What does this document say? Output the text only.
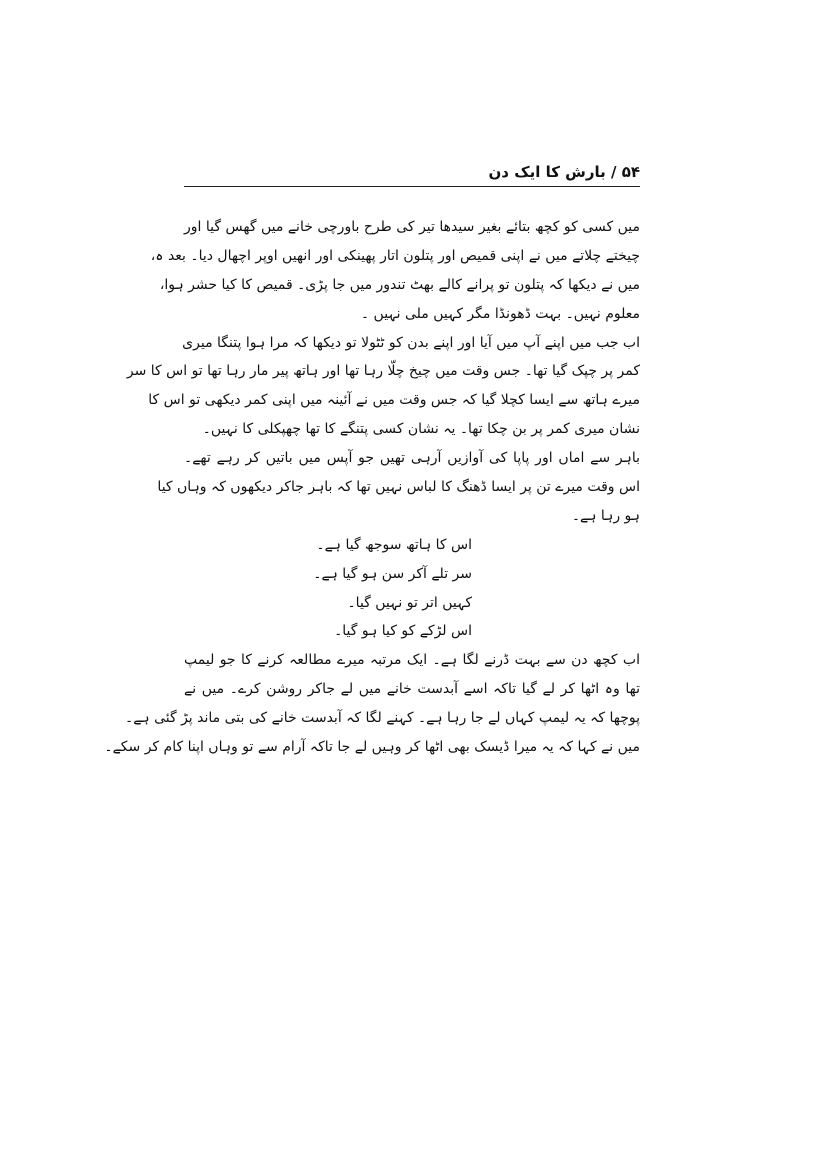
۵۴ / بارش کا ایک دن
میں کسی کو کچھ بتائے بغیر سیدھا تیر کی طرح باورچی خانے میں گھس گیا اور
چیختے چلاتے میں نے اپنی قمیص اور پتلون اتار پھینکی اور انھیں اوپر اچھال دیا۔ بعد ہ،
میں نے دیکھا کہ پتلون تو پرانے کالے بھٹ تندور میں جا پڑی۔ قمیص کا کیا حشر ہوا،
معلوم نہیں۔ بہت ڈھونڈا مگر کہیں ملی نہیں ۔
اب جب میں اپنے آپ میں آیا اور اپنے بدن کو ٹٹولا تو دیکھا کہ مرا ہوا پتنگا میری
کمر پر چپک گیا تھا۔ جس وقت میں چیخ چلّا رہا تھا اور ہاتھ پیر مار رہا تھا تو اس کا سر
میرے ہاتھ سے ایسا کچلا گیا کہ جس وقت میں نے آئینہ میں اپنی کمر دیکھی تو اس کا
نشان میری کمر پر بن چکا تھا۔ یہ نشان کسی پتنگے کا تھا چھپکلی کا نہیں۔
باہر سے اماں اور پاپا کی آوازیں آرہی تھیں جو آپس میں باتیں کر رہے تھے۔
اس وقت میرے تن پر ایسا ڈھنگ کا لباس نہیں تھا کہ باہر جاکر دیکھوں کہ وہاں کیا
ہو رہا ہے۔
اس کا ہاتھ سوجھ گیا ہے۔
سر تلے آکر سن ہو گیا ہے۔
کہیں اتر تو نہیں گیا۔
اس لڑکے کو کیا ہو گیا۔
اب کچھ دن سے بہت ڈرنے لگا ہے۔ ایک مرتبہ میرے مطالعہ کرنے کا جو لیمپ
تھا وہ اٹھا کر لے گیا تاکہ اسے آبدست خانے میں لے جاکر روشن کرے۔ میں نے
پوچھا کہ یہ لیمپ کہاں لے جا رہا ہے۔ کہنے لگا کہ آبدست خانے کی بتی ماند پڑ گئی ہے۔
میں نے کہا کہ یہ میرا ڈیسک بھی اٹھا کر وہیں لے جا تاکہ آرام سے تو وہاں اپنا کام کر سکے۔
